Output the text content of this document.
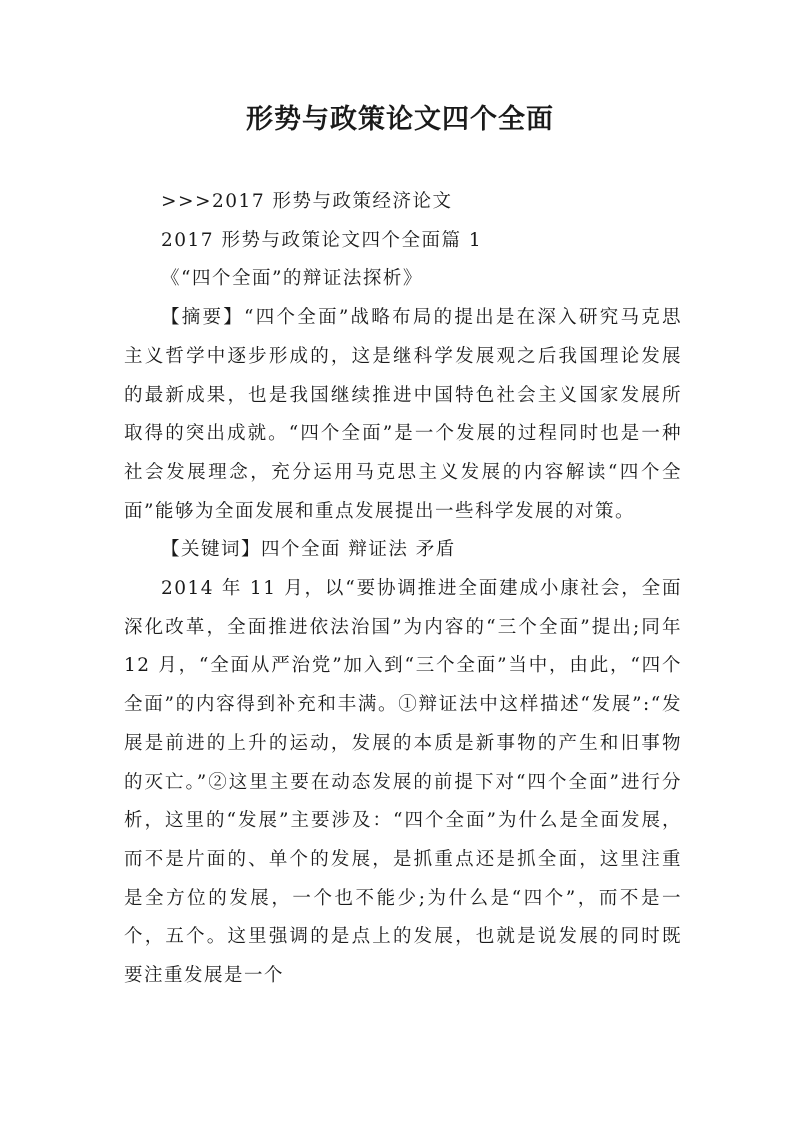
形势与政策论文四个全面

>>>2017 形势与政策经济论文

2017 形势与政策论文四个全面篇 1

《“四个全面”的辩证法探析》

【摘要】“四个全面”战略布局的提出是在深入研究马克思主义哲学中逐步形成的，这是继科学发展观之后我国理论发展的最新成果，也是我国继续推进中国特色社会主义国家发展所取得的突出成就。“四个全面”是一个发展的过程同时也是一种社会发展理念，充分运用马克思主义发展的内容解读“四个全面”能够为全面发展和重点发展提出一些科学发展的对策。

【关键词】四个全面 辩证法 矛盾

2014 年 11 月，以“要协调推进全面建成小康社会，全面深化改革，全面推进依法治国”为内容的“三个全面”提出;同年 12 月，“全面从严治党”加入到“三个全面”当中，由此，“四个全面”的内容得到补充和丰满。①辩证法中这样描述“发展”:“发展是前进的上升的运动，发展的本质是新事物的产生和旧事物的灭亡。”②这里主要在动态发展的前提下对“四个全面”进行分析，这里的“发展”主要涉及：“四个全面”为什么是全面发展，而不是片面的、单个的发展，是抓重点还是抓全面，这里注重是全方位的发展，一个也不能少;为什么是“四个”，而不是一个，五个。这里强调的是点上的发展，也就是说发展的同时既要注重发展是一个
